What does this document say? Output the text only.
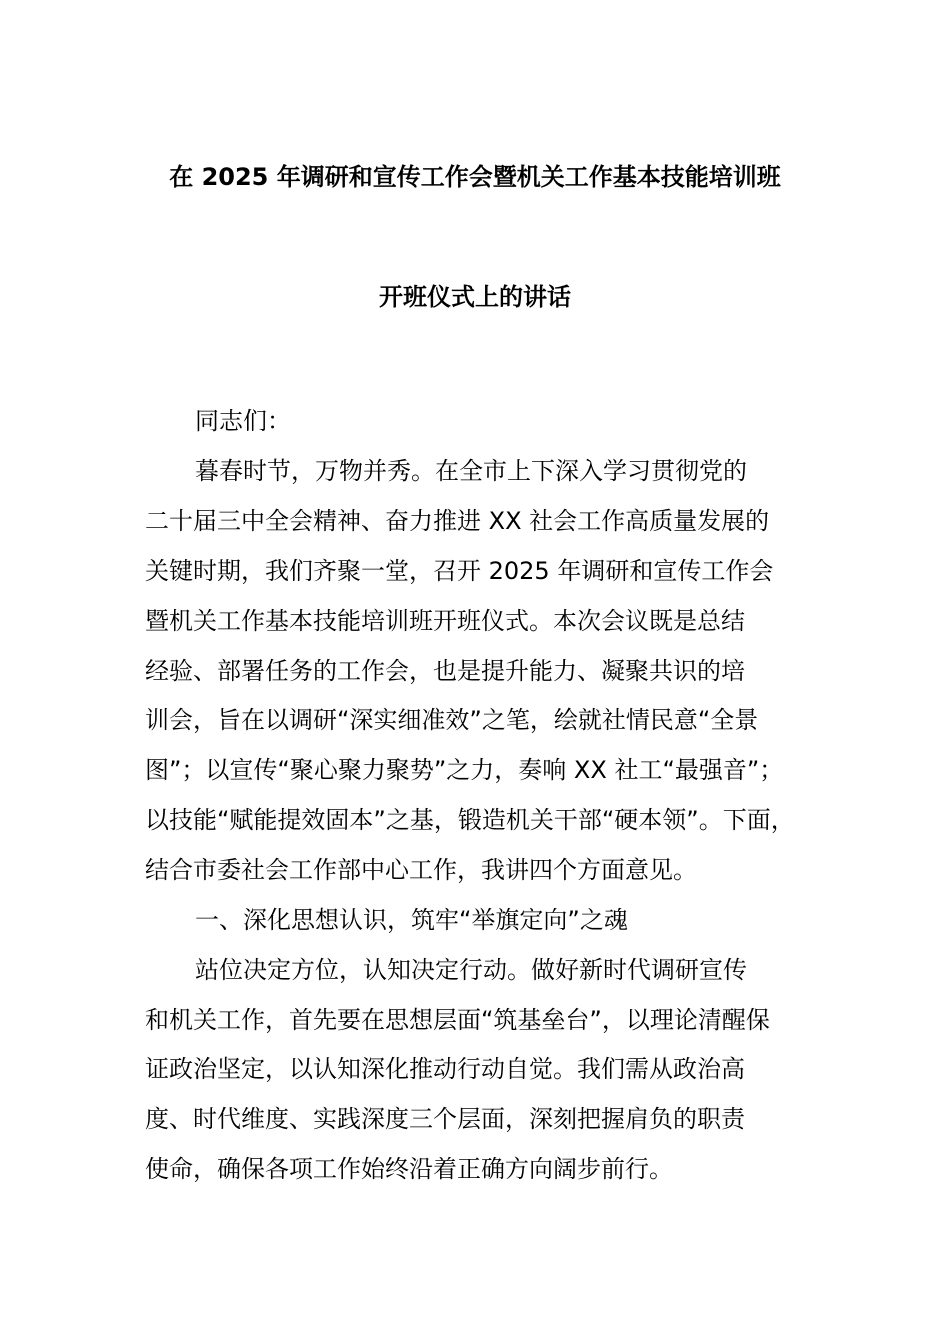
在 2025 年调研和宣传工作会暨机关工作基本技能培训班
开班仪式上的讲话
同志们：
暮春时节，万物并秀。在全市上下深入学习贯彻党的
二十届三中全会精神、奋力推进 XX 社会工作高质量发展的
关键时期，我们齐聚一堂，召开 2025 年调研和宣传工作会
暨机关工作基本技能培训班开班仪式。本次会议既是总结
经验、部署任务的工作会，也是提升能力、凝聚共识的培
训会，旨在以调研“深实细准效”之笔，绘就社情民意“全景
图”；以宣传“聚心聚力聚势”之力，奏响 XX 社工“最强音”；
以技能“赋能提效固本”之基，锻造机关干部“硬本领”。下面，
结合市委社会工作部中心工作，我讲四个方面意见。
一、深化思想认识，筑牢“举旗定向”之魂
站位决定方位，认知决定行动。做好新时代调研宣传
和机关工作，首先要在思想层面“筑基垒台”，以理论清醒保
证政治坚定，以认知深化推动行动自觉。我们需从政治高
度、时代维度、实践深度三个层面，深刻把握肩负的职责
使命，确保各项工作始终沿着正确方向阔步前行。
